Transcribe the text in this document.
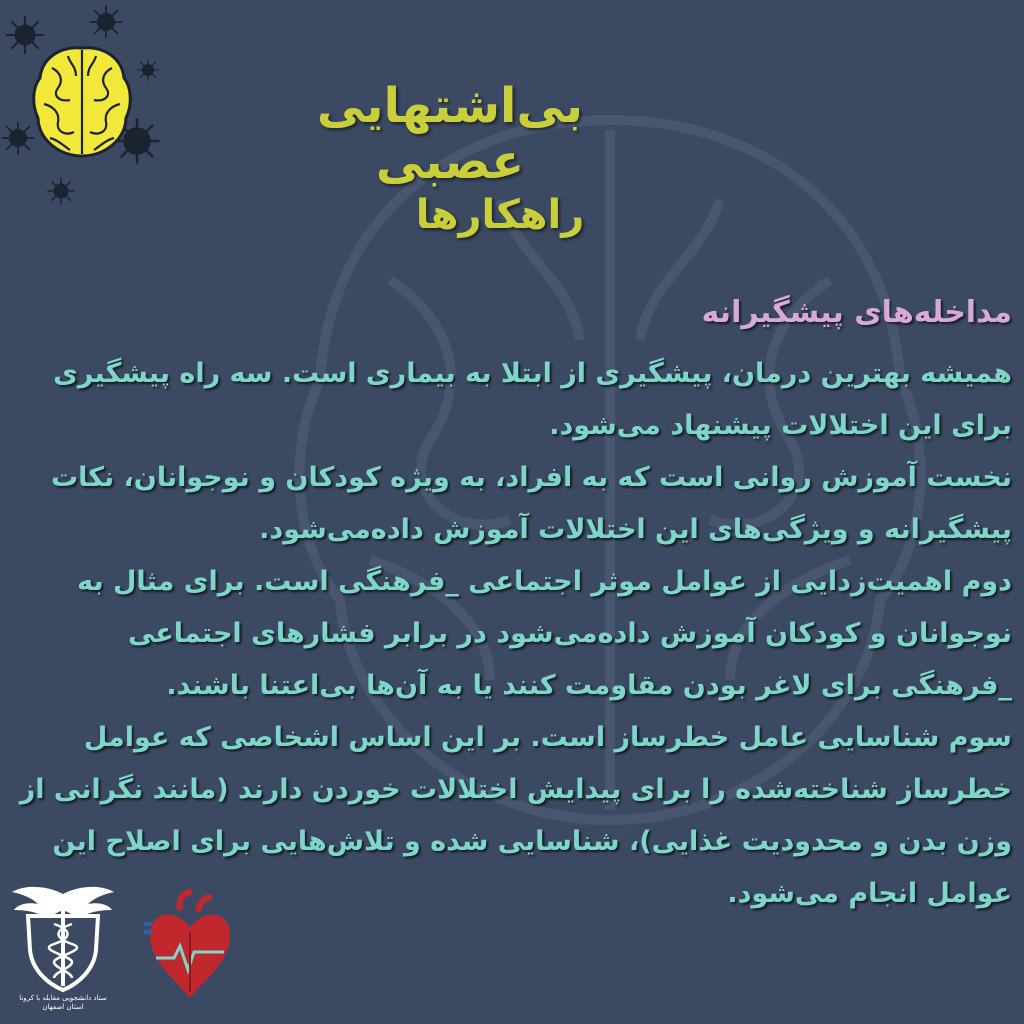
بی‌اشتهایی عصبی
راهکارها
مداخله‌های پیشگیرانه

همیشه بهترین درمان، پیشگیری از ابتلا به بیماری است. سه راه پیشگیری برای این اختلالات پیشنهاد می‌شود.

نخست آموزش روانی است که به افراد، به ویژه کودکان و نوجوانان، نکات پیشگیرانه و ویژگی‌های این اختلالات آموزش داده‌می‌شود.

دوم اهمیت‌زدایی از عوامل موثر اجتماعی _فرهنگی است. برای مثال به نوجوانان و کودکان آموزش داده‌می‌شود در برابر فشارهای اجتماعی _فرهنگی برای لاغر بودن مقاومت کنند یا به آن‌ها بی‌اعتنا باشند.

سوم شناسایی عامل خطرساز است. بر این اساس اشخاصی که عوامل خطرساز شناخته‌شده را برای پیدایش اختلالات خوردن دارند (مانند نگرانی از وزن بدن و محدودیت غذایی)، شناسایی شده و تلاش‌هایی برای اصلاح این عوامل انجام می‌شود.

ستاد دانشجویی مقابله با کرونا استان اصفهان
